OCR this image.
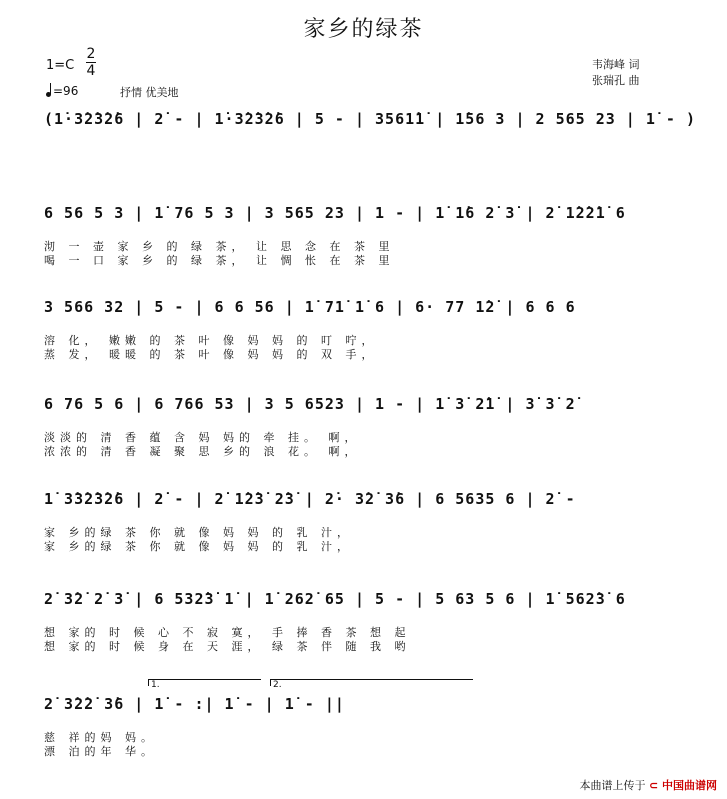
家乡的绿茶
1=C
2
4
=96	抒情 优美地
韦海峰 词
张瑞孔 曲
(1̇·3̇2̇3̇2̇6 | 2̇ - | 1̇·3̇2̇3̇2̇6 | 5 - | 3561̇1̇ | 1̇56 3 | 2 565 23 | 1̇ - )
6 56 5 3 | 1̇ 76 5 3 | 3 565 23 | 1 - | 1̇ 1̇6 2̇ 3̇ | 2̇ 1̇2̇2̇1̇ 6
沏 一 壶 家 乡 的 绿 茶， 让 思 念 在 茶 里
喝 一 口 家 乡 的 绿 茶， 让 惆 怅 在 茶 里
3 566 32 | 5 - | 6 6 56 | 1̇ 71̇ 1̇ 6 | 6· 77 1̇2̇ | 6 6 6
溶 化， 嫩嫩 的 茶 叶 像 妈 妈 的 叮 咛，
蒸 发， 暖暖 的 茶 叶 像 妈 妈 的 双 手，
6 76 5 6 | 6 766 53 | 3 5 6523 | 1 - | 1̇ 3̇ 2̇1̇ | 3̇ 3̇ 2̇
淡淡的 清 香 蕴 含 妈 妈的 牵 挂。 啊，
浓浓的 清 香 凝 聚 思 乡的 浪 花。 啊，
1̇ 3̇3̇2̇3̇2̇6 | 2̇ - | 2̇ 1̇2̇3̇ 2̇3̇ | 2̇· 3̇2̇ 3̇6 | 6 5635 6 | 2̇ -
家 乡的绿 茶 你 就 像 妈 妈 的 乳 汁，
家 乡的绿 茶 你 就 像 妈 妈 的 乳 汁，
2̇ 3̇2̇ 2̇ 3̇ | 6 532̇3̇ 1̇ | 1̇ 262̇ 65 | 5 - | 5 63 5 6 | 1̇ 562̇3̇ 6
想 家的 时 候 心 不 寂 寞， 手 捧 香 茶 想 起
想 家的 时 候 身 在 天 涯， 绿 茶 伴 随 我 哟
2̇ 3̇2̇2̇ 3̇6 | 1̇ - :| 1̇ - | 1̇ - ||
1.	2.
慈 祥的妈 妈。
漂 泊的年 华。
本曲谱上传于 ⊂ 中国曲谱网
